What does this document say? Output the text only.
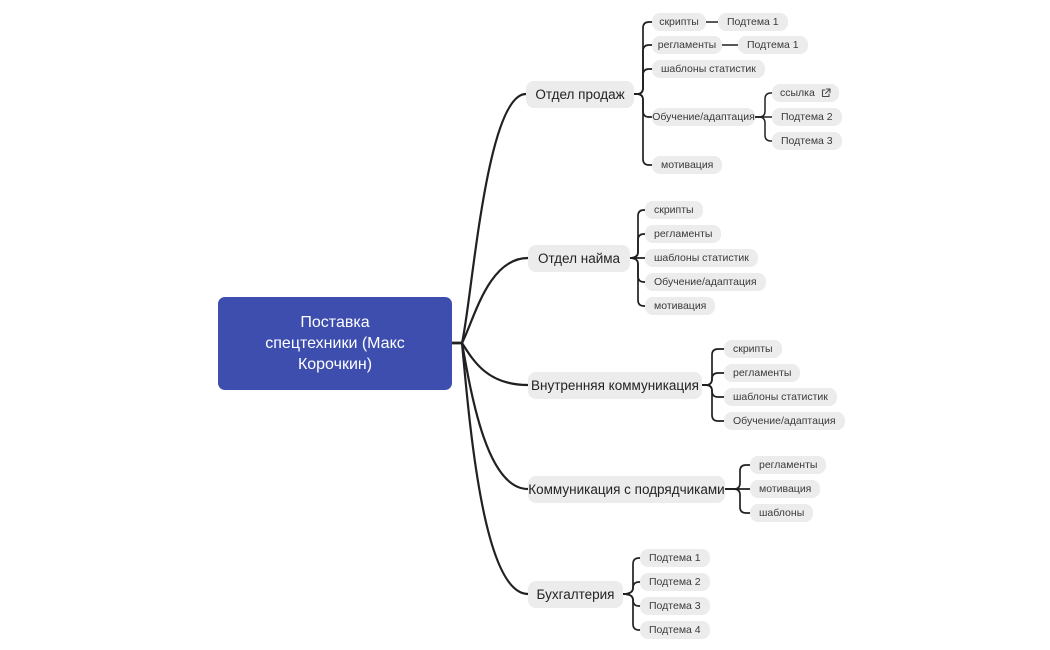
Поставка спецтехники (Макс Корочкин)
Отдел продаж
скрипты	Подтема 1
регламенты	Подтема 1
шаблоны статистик
Обучение/адаптация
ссылка
Подтема 2
Подтема 3
мотивация
Отдел найма
скрипты
регламенты
шаблоны статистик
Обучение/адаптация
мотивация
Внутренняя коммуникация
скрипты
регламенты
шаблоны статистик
Обучение/адаптация
Коммуникация с подрядчиками
регламенты
мотивация
шаблоны
Бухгалтерия
Подтема 1
Подтема 2
Подтема 3
Подтема 4
